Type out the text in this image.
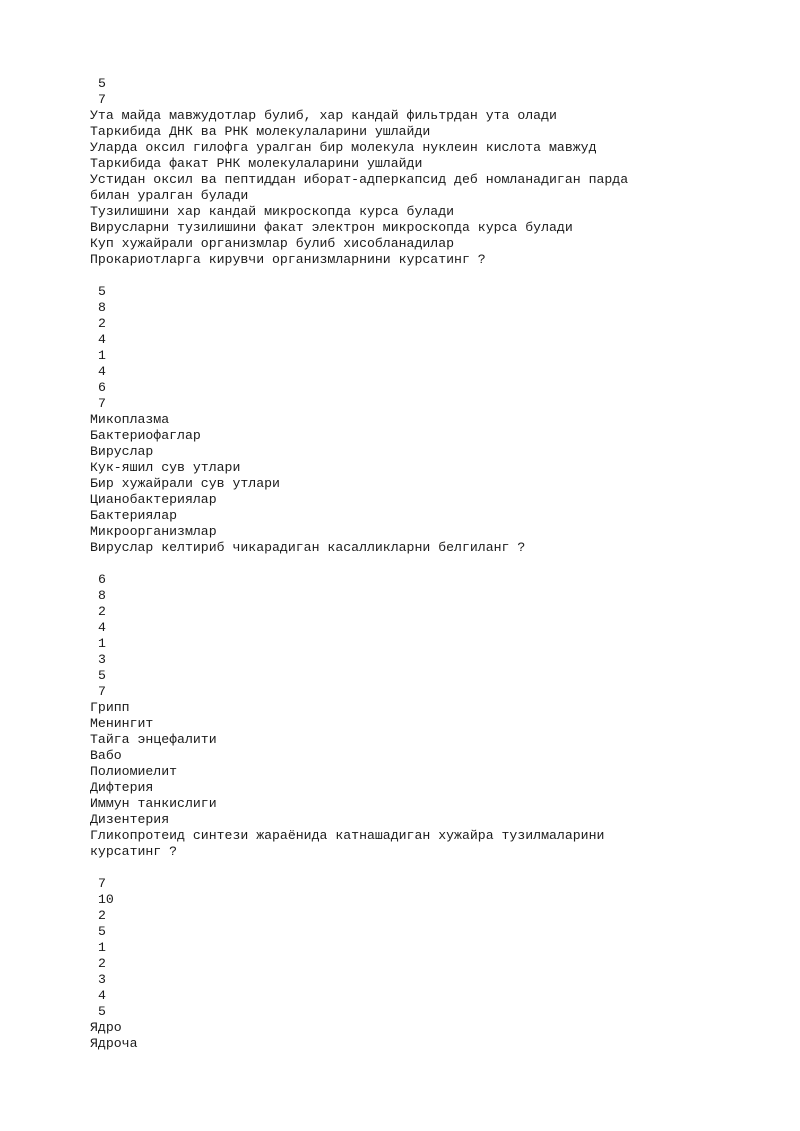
5
7
Ута майда мавжудотлар булиб, хар кандай фильтрдан ута олади
Таркибида ДНК ва РНК молекулаларини ушлайди
Уларда оксил гилофга уралган бир молекула нуклеин кислота мавжуд
Таркибида факат РНК молекулаларини ушлайди
Устидан оксил ва пептиддан иборат-адперкапсид деб номланадиган парда
билан уралган булади
Тузилишини хар кандай микроскопда курса булади
Вирусларни тузилишини факат электрон микроскопда курса булади
Куп хужайрали организмлар булиб хисобланадилар
Прокариотларга кирувчи организмларнини курсатинг ?
5
8
2
4
1
4
6
7
Микоплазма
Бактериофаглар
Вируслар
Кук-яшил сув утлари
Бир хужайрали сув утлари
Цианобактериялар
Бактериялар
Микроорганизмлар
Вируслар келтириб чикарадиган касалликларни белгиланг ?
6
8
2
4
1
3
5
7
Грипп
Менингит
Тайга энцефалити
Вабо
Полиомиелит
Дифтерия
Иммун танкислиги
Дизентерия
Гликопротеид синтези жараёнида катнашадиган хужайра тузилмаларини
курсатинг ?
7
10
2
5
1
2
3
4
5
Ядро
Ядроча
